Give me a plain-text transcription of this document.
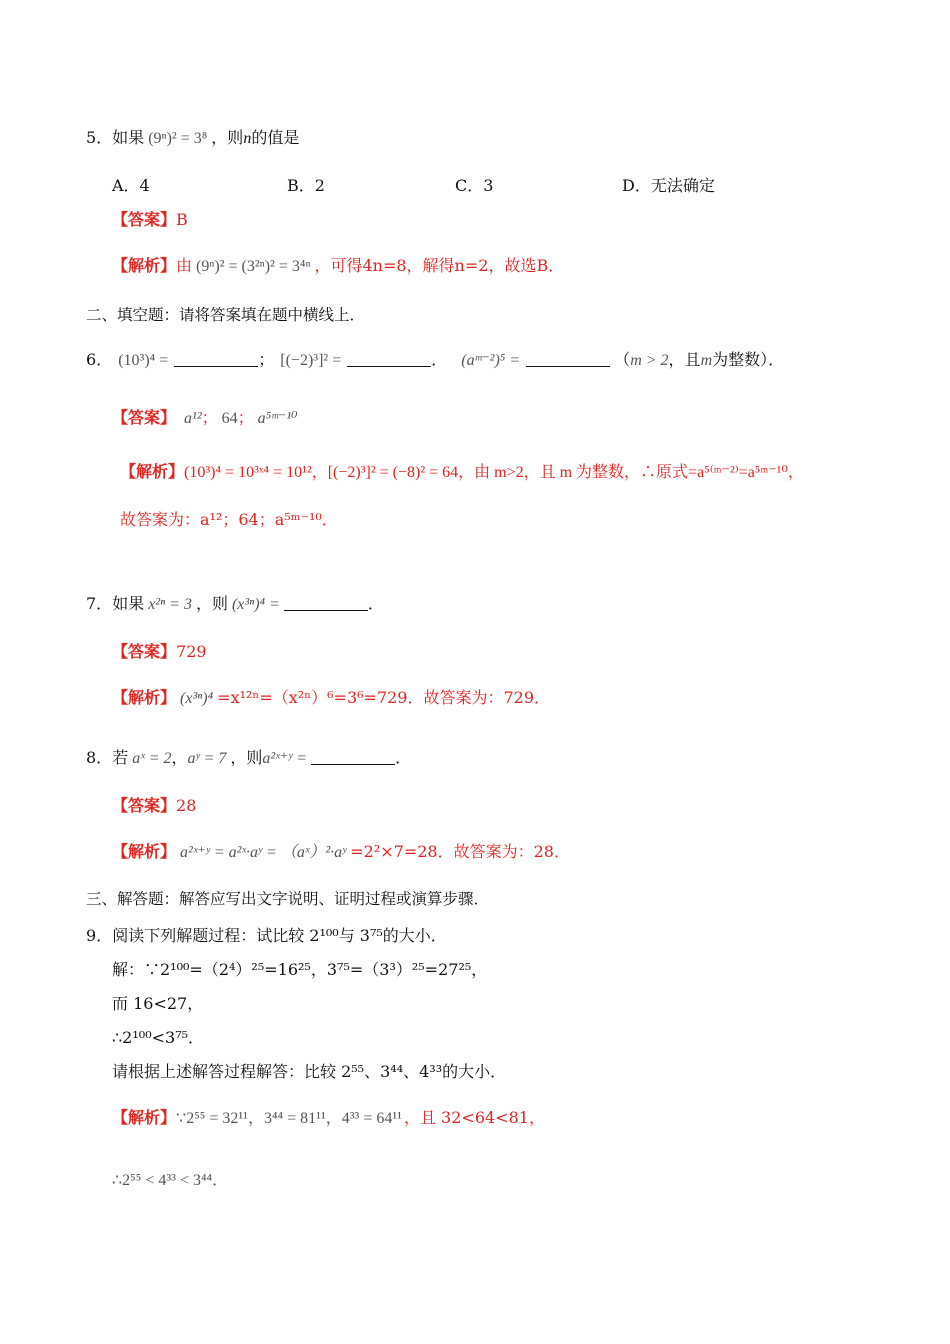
5．如果 (9ⁿ)² = 3⁸ ，则n的值是
A．4	B．2	C．3	D．无法确定
【答案】B
【解析】由 (9ⁿ)² = (3²ⁿ)² = 3⁴ⁿ ，可得4n=8，解得n=2，故选B．
二、填空题：请将答案填在题中横线上．
6． (10³)⁴ =	； [(−2)³]² =	． (aᵐ⁻²)⁵ =	（m > 2，且m为整数）．
【答案】 a¹²； 64； a⁵ᵐ⁻¹⁰
【解析】(10³)⁴ = 10³ˣ⁴ = 10¹²，[(−2)³]² = (−8)² = 64，由 m>2，且 m 为整数，∴原式=a⁵⁽ᵐ⁻²⁾=a⁵ᵐ⁻¹⁰，
故答案为：a¹²；64；a⁵ᵐ⁻¹⁰．
7．如果 x²ⁿ = 3 ，则 (x³ⁿ)⁴ =	．
【答案】729
【解析】 (x³ⁿ)⁴ =x¹²ⁿ=（x²ⁿ）⁶=3⁶=729．故答案为：729．
8．若 aˣ = 2，aʸ = 7 ，则a²ˣ⁺ʸ =	．
【答案】28
【解析】 a²ˣ⁺ʸ = a²ˣ·aʸ = （aˣ）²·aʸ =2²×7=28．故答案为：28．
三、解答题：解答应写出文字说明、证明过程或演算步骤．
9．阅读下列解题过程：试比较 2¹⁰⁰与 3⁷⁵的大小．
解：∵2¹⁰⁰=（2⁴）²⁵=16²⁵，3⁷⁵=（3³）²⁵=27²⁵，
而 16<27，
∴2¹⁰⁰<3⁷⁵．
请根据上述解答过程解答：比较 2⁵⁵、3⁴⁴、4³³的大小．
【解析】∵2⁵⁵ = 32¹¹，3⁴⁴ = 81¹¹，4³³ = 64¹¹ ，且 32<64<81，
∴2⁵⁵ < 4³³ < 3⁴⁴．
